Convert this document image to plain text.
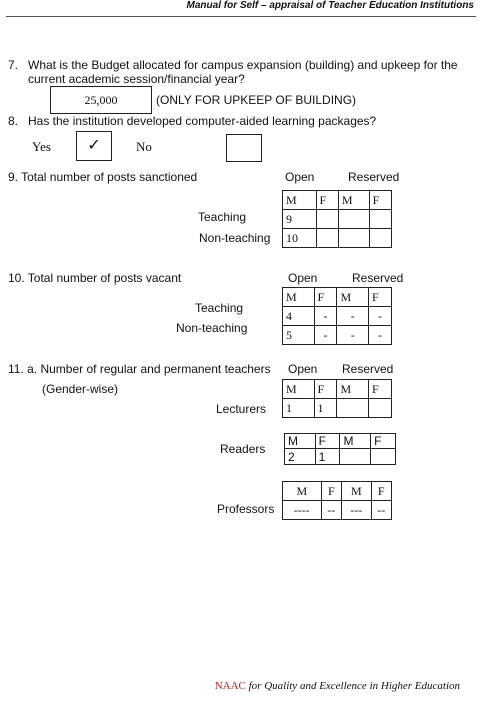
Manual for Self – appraisal of Teacher Education Institutions
7. What is the Budget allocated for campus expansion (building) and upkeep for the
current academic session/financial year?
25,000	(ONLY FOR UPKEEP OF BUILDING)
8. Has the institution developed computer-aided learning packages?
Yes	✓	No
9. Total number of posts sanctioned	Open	Reserved
Teaching
Non-teaching
M	F	M	F
9			
10			
10. Total number of posts vacant	Open	Reserved
Teaching
Non-teaching
M	F	M	F
4	-	-	-
5	-	-	-
11. a. Number of regular and permanent teachers
(Gender-wise)
Open Reserved
Lecturers
M	F	M	F
1	1		
Readers
M	F	M	F
2	1		
Professors
M	F	M	F
----	--	---	--
NAAC for Quality and Excellence in Higher Education
